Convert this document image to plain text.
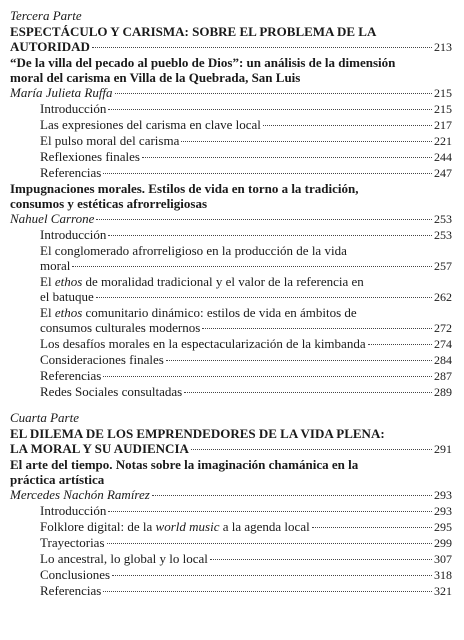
Tercera Parte
ESPECTÁCULO Y CARISMA: SOBRE EL PROBLEMA DE LA
AUTORIDAD	213
“De la villa del pecado al pueblo de Dios”: un análisis de la dimensión
moral del carisma en Villa de la Quebrada, San Luis
María Julieta Ruffa	215
Introducción	215
Las expresiones del carisma en clave local	217
El pulso moral del carisma	221
Reflexiones finales	244
Referencias	247
Impugnaciones morales. Estilos de vida en torno a la tradición,
consumos y estéticas afrorreligiosas
Nahuel Carrone	253
Introducción	253
El conglomerado afrorreligioso en la producción de la vida
moral	257
El ethos de moralidad tradicional y el valor de la referencia en
el batuque	262
El ethos comunitario dinámico: estilos de vida en ámbitos de
consumos culturales modernos	272
Los desafíos morales en la espectacularización de la kimbanda	274
Consideraciones finales	284
Referencias	287
Redes Sociales consultadas	289
Cuarta Parte
EL DILEMA DE LOS EMPRENDEDORES DE LA VIDA PLENA:
LA MORAL Y SU AUDIENCIA	291
El arte del tiempo. Notas sobre la imaginación chamánica en la
práctica artística
Mercedes Nachón Ramírez	293
Introducción	293
Folklore digital: de la world music a la agenda local	295
Trayectorias	299
Lo ancestral, lo global y lo local	307
Conclusiones	318
Referencias	321
